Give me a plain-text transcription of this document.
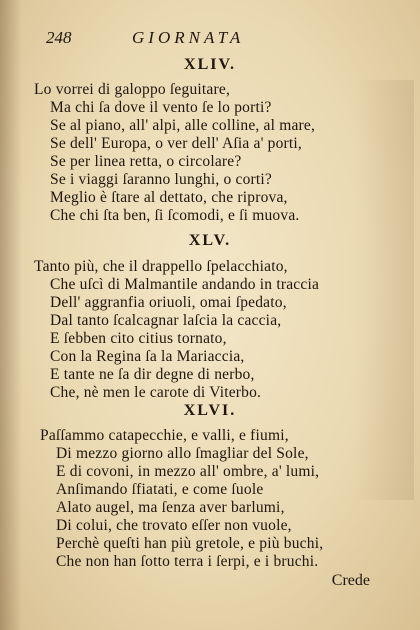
248	GIORNATA
XLIV.
Lo vorrei di galoppo ſeguitare,
Ma chi ſa dove il vento ſe lo porti?
Se al piano, all' alpi, alle colline, al mare,
Se dell' Europa, o ver dell' Aſia a' porti,
Se per linea retta, o circolare?
Se i viaggi ſaranno lunghi, o corti?
Meglio è ſtare al dettato, che riprova,
Che chi ſta ben, ſi ſcomodi, e ſi muova.
XLV.
Tanto più, che il drappello ſpelacchiato,
Che uſcì di Malmantile andando in traccia
Dell' aggranfia oriuoli, omai ſpedato,
Dal tanto ſcalcagnar laſcia la caccia,
E ſebben cito citius tornato,
Con la Regina ſa la Mariaccia,
E tante ne ſa dir degne di nerbo,
Che, nè men le carote di Viterbo.
XLVI.
Paſſammo catapecchie, e valli, e fiumi,
Di mezzo giorno allo ſmagliar del Sole,
E di covoni, in mezzo all' ombre, a' lumi,
Anſimando ſfiatati, e come ſuole
Alato augel, ma ſenza aver barlumi,
Di colui, che trovato eſſer non vuole,
Perchè queſti han più gretole, e più buchi,
Che non han ſotto terra i ſerpi, e i bruchi.
Crede
